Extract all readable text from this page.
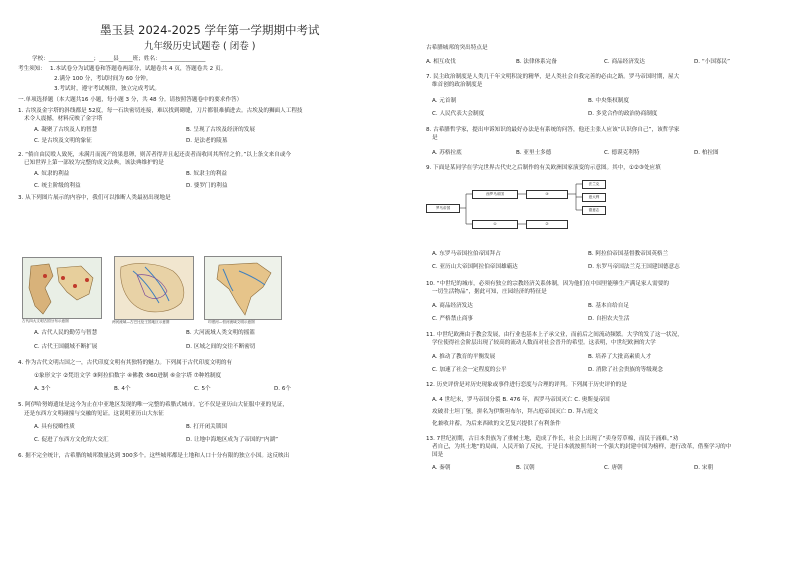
墨玉县 2024-2025 学年第一学期期中考试
九年级历史试题卷 ( 闭卷 )
学校：________________；_____县_____班；姓名：________________
考生须知： 1.本试卷分为试题卷和答题卷两部分，试题卷共 4 页，答题卷共 2 页。
2.满分 100 分，考试时间为 60 分钟。
3.考试时，遵守考试规律，独立完成考试。
一.单项选择题（本大题共16 小题，每小题 3 分，共 48 分。请按照答题卷中的要求作答）
1. 古埃及金字塔的斜线都是 52度，每一石块密切连接，难以找到砌缝，刀片都很难插进去。古埃及的狮面人工程技
术令人震撼，材料反映了金字塔
A. 凝聚了古埃及人的智慧	B. 呈现了古埃及经济的发展
C. 是古埃及文明的象征	D. 是法老的陵墓
2. “倘自由民殴人致死，未满月而流产的果患卵，则苦者得并且起还责者而收回其所付之价。”以上条文来自或今
已知世界上第一部较为完整的成文法典，该法典维护的是
A. 奴隶的利益	B. 奴隶主的利益
C. 统主阶级的利益	D. 婆罗门的利益
3. 从下列图片展示的内容中，我们可以推断人类最初出现地是
古代四大文明古国分布示意图	两河流域—古巴比伦王国地区示意图	印度河—恒河流域文明示意图
A. 古代人民的勤劳与智慧	B. 大河流域人类文明的摇篮
C. 古代王国疆域不断扩展	D. 区域之间的交往不断密切
4. 作为古代文明古国之一，古代印度文明有其独特的魅力。下列属于古代印度文明的有
①象形文字 ②梵语文学 ③阿拉伯数字 ④佛教 ⑤60进制 ⑥金字塔 ⑦种姓制度
A. 3个	B. 4个	C. 5个	D. 6个
5. 阿伊哈努姆遗址是这今为止在中亚地区发现的唯一完整的希腊式城市。它不仅是亚历山大征服中亚的见证，
还是东西方文明碰撞与交融的见证。这说明亚历山大东征
A. 具有侵略性质	B. 打开闭关锁国
C. 促进了东西方文化的大交汇	D. 让地中海地区成为了帝国的“内湖”
6. 据不完全统计，古希腊的城邦数量达到 300多个。这些城邦都是土地和人口十分有限的独立小国。这反映出
古希腊城邦的突出特点是
A. 相互攻伐	B. 法律体系完备	C. 商品经济发达	D. “小国寡民”
7. 民主政治制度是人类几千年文明积淀的精华，是人类社会自我完善的必由之路。罗马帝国时期，屋大
维首创的政治制度是
A. 元首制	B. 中央集权制度
C. 人民代表大会制度	D. 多党合作的政治协商制度
8. 古希腊哲学家，提出申诉知识的最好办法是有系统的问答，他还主张人应该“认识你自己”，该哲学家
是
A. 苏格拉底	B. 亚里士多德	C. 德谟克利特	D. 柏拉图
9. 下面是某同学在学完世界古代史之后制作的有关欧洲国家演变的示意图。其中，①②③处应填
罗马帝国
西罗马帝国	③
法兰克
意大利
德意志
①	②
A. 东罗马帝国拉伯帝国拜占	B. 阿拉伯帝国基督教帝国英格兰
C. 亚历山大帝国阿拉伯帝国雄霸达	D. 东罗马帝国法兰克王国建国德意志
10. “中世纪的城市，必须有独立的宗教经济关系体制，因为他们在中国里能够生产满足家人需要的
一切生活物品”，据此可知，庄园经济的特征是
A. 商品经济发达	B. 基本自给自足
C. 严格禁止商事	D. 自担农夫生活
11. 中世纪欧洲由于教会发展，由行业也基本上子承父业，而前后之间流动频繁。大学的发了这一状况，
学位使得社会阶层出现了较高的流动人数而对社会晋升的希望。这表明，中世纪欧洲的大学
A. 推动了教育的平衡发展	B. 培养了大批高素质人才
C. 加速了社会一定程度的公平	D. 消除了社会贵族的等级观念
12. 历史评价是对历史现象或事件进行恋度与合理的评判。下列属于历史评价的是
A. 4 世纪末，罗马帝国分裂 B. 476 年，西罗马帝国灭亡 C. 奥斯曼帝国
攻破君士坦丁堡，拼名为伊斯坦布尔，拜占庭帝国灭亡 D. 拜占庭文
化兼收并蓄，为后来西欧的文艺复兴提供了有利条件
13. 7世纪初期，古日本贵族为了重树土地，造成了作长，社会上出现了“卖身劳草棉，而民于涌难。”劝
者自己，为其土地“的局面，人民开始了反抗，于是日本就按照当时一个强大的封建中国为榜样，进行改革，借鉴学习的中
国是
A. 秦朝	B. 汉朝	C. 唐朝	D. 宋朝
